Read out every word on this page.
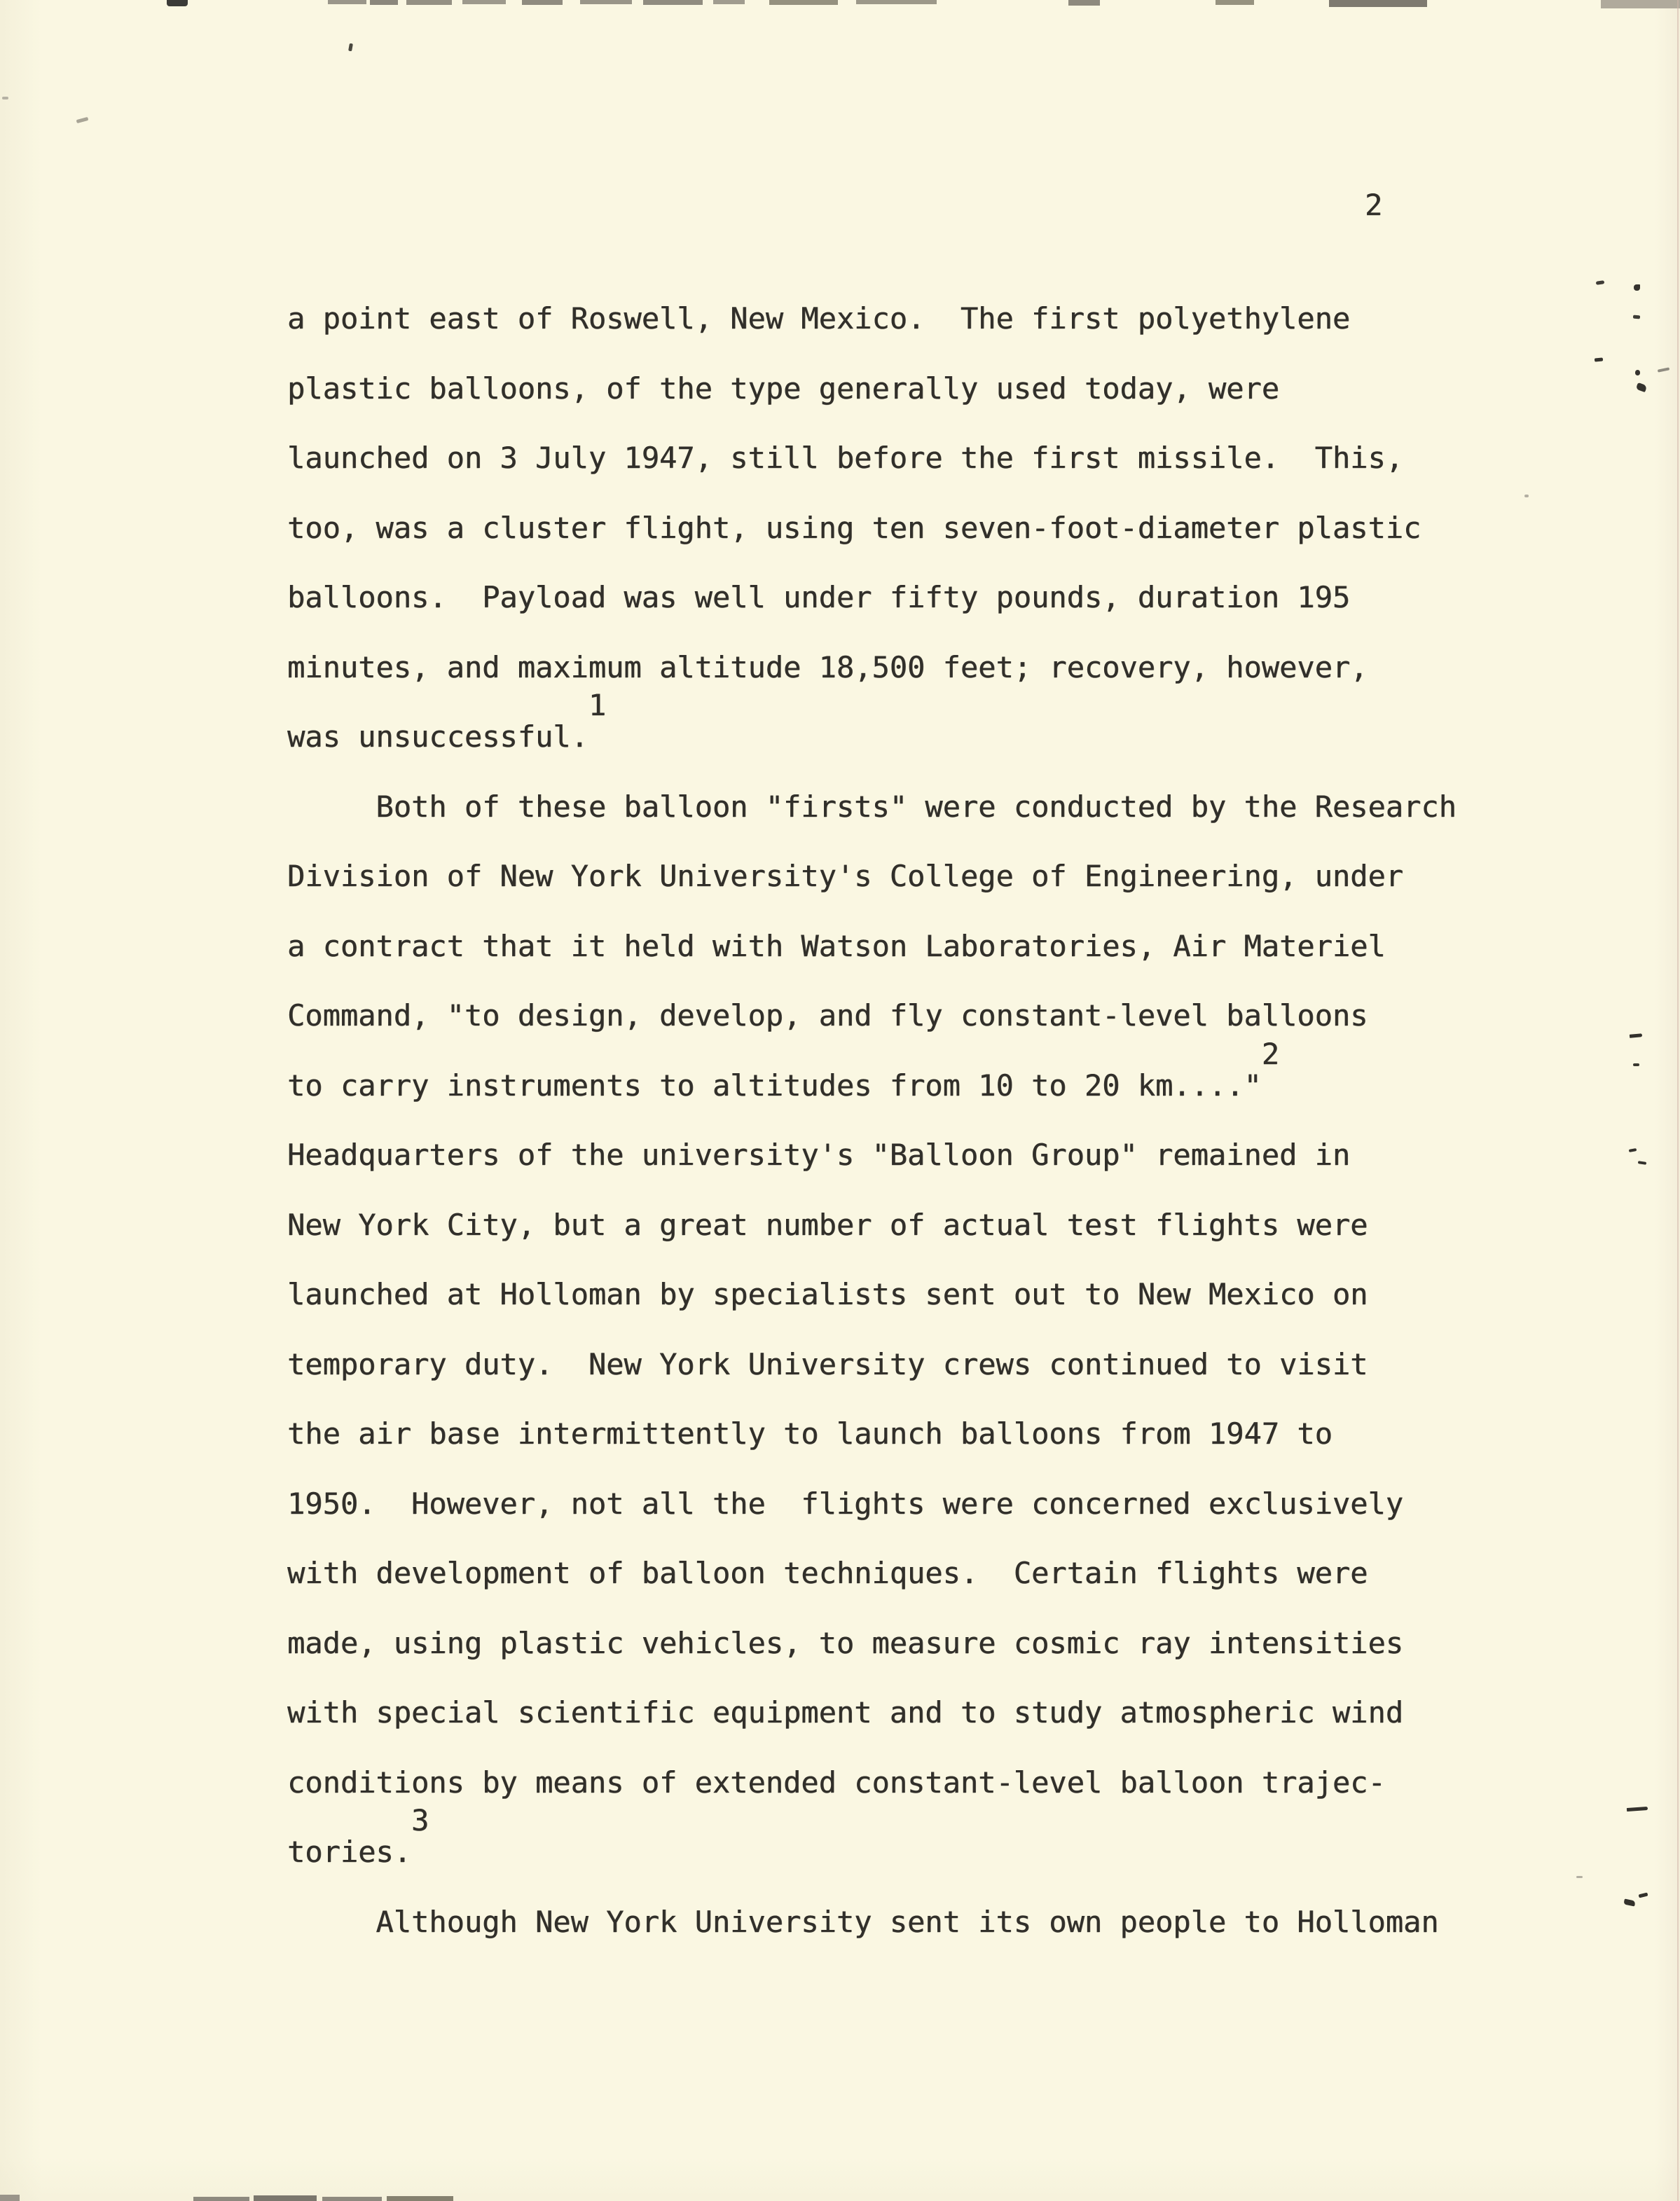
2
a point east of Roswell, New Mexico.  The first polyethylene
plastic balloons, of the type generally used today, were
launched on 3 July 1947, still before the first missile.  This,
too, was a cluster flight, using ten seven-foot-diameter plastic
balloons.  Payload was well under fifty pounds, duration 195
minutes, and maximum altitude 18,500 feet; recovery, however,
was unsuccessful.$^1$
Both of these balloon "firsts" were conducted by the Research
Division of New York University's College of Engineering, under
a contract that it held with Watson Laboratories, Air Materiel
Command, "to design, develop, and fly constant-level balloons
to carry instruments to altitudes from 10 to 20 km...."$^2$
Headquarters of the university's "Balloon Group" remained in
New York City, but a great number of actual test flights were
launched at Holloman by specialists sent out to New Mexico on
temporary duty.  New York University crews continued to visit
the air base intermittently to launch balloons from 1947 to
1950.  However, not all the  flights were concerned exclusively
with development of balloon techniques.  Certain flights were
made, using plastic vehicles, to measure cosmic ray intensities
with special scientific equipment and to study atmospheric wind
conditions by means of extended constant-level balloon trajec-
tories.$^3$
Although New York University sent its own people to Holloman
